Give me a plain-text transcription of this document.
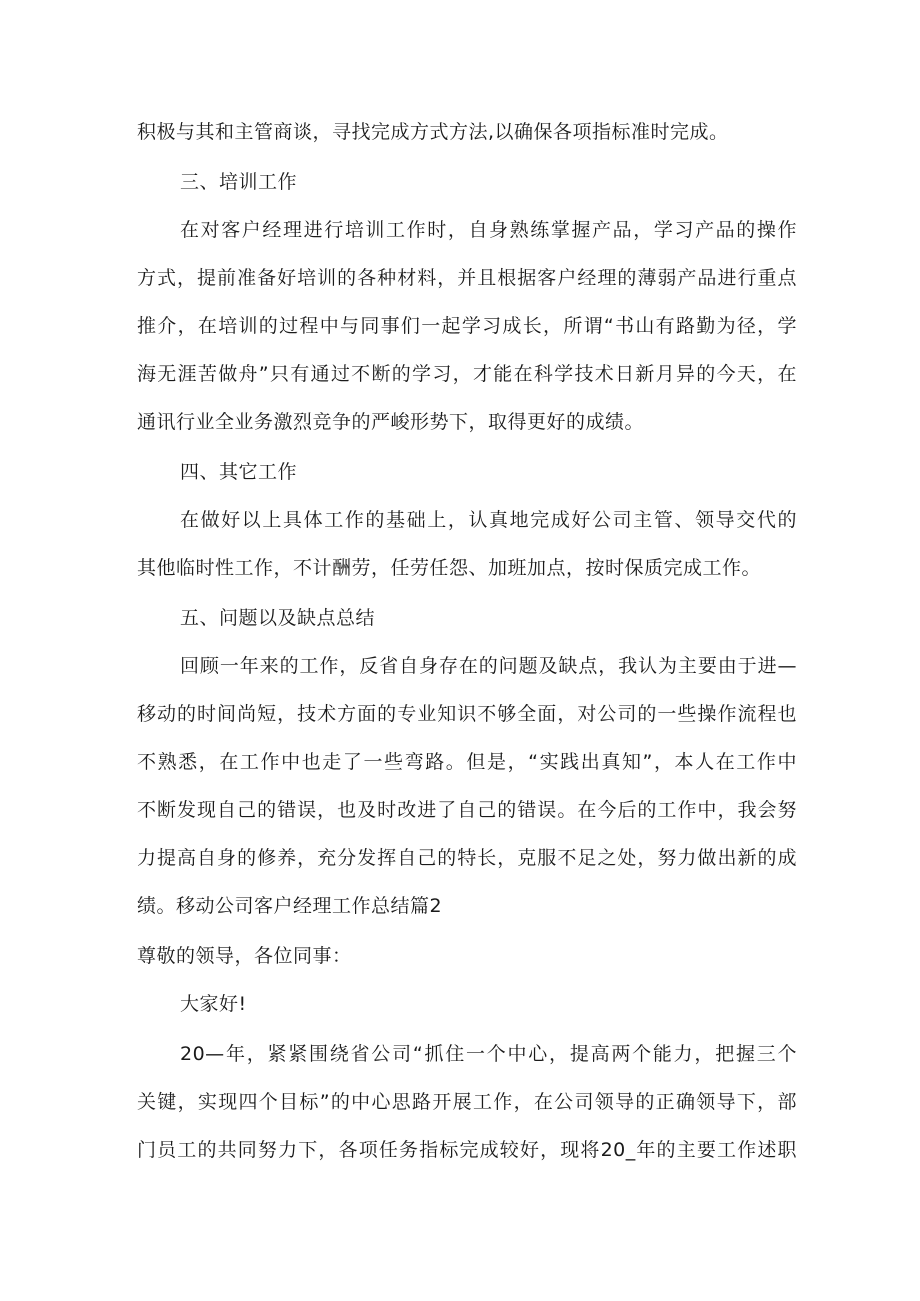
积极与其和主管商谈，寻找完成方式方法,以确保各项指标准时完成。
三、培训工作
在对客户经理进行培训工作时，自身熟练掌握产品，学习产品的操作
方式，提前准备好培训的各种材料，并且根据客户经理的薄弱产品进行重点
推介，在培训的过程中与同事们一起学习成长，所谓“书山有路勤为径，学
海无涯苦做舟”只有通过不断的学习，才能在科学技术日新月异的今天，在
通讯行业全业务激烈竞争的严峻形势下，取得更好的成绩。
四、其它工作
在做好以上具体工作的基础上，认真地完成好公司主管、领导交代的
其他临时性工作，不计酬劳，任劳任怨、加班加点，按时保质完成工作。
五、问题以及缺点总结
回顾一年来的工作，反省自身存在的问题及缺点，我认为主要由于进—
移动的时间尚短，技术方面的专业知识不够全面，对公司的一些操作流程也
不熟悉，在工作中也走了一些弯路。但是，“实践出真知”，本人在工作中
不断发现自己的错误，也及时改进了自己的错误。在今后的工作中，我会努
力提高自身的修养，充分发挥自己的特长，克服不足之处，努力做出新的成
绩。移动公司客户经理工作总结篇2
尊敬的领导，各位同事：
大家好!
20—年，紧紧围绕省公司“抓住一个中心，提高两个能力，把握三个
关键，实现四个目标”的中心思路开展工作，在公司领导的正确领导下，部
门员工的共同努力下，各项任务指标完成较好，现将20_年的主要工作述职
